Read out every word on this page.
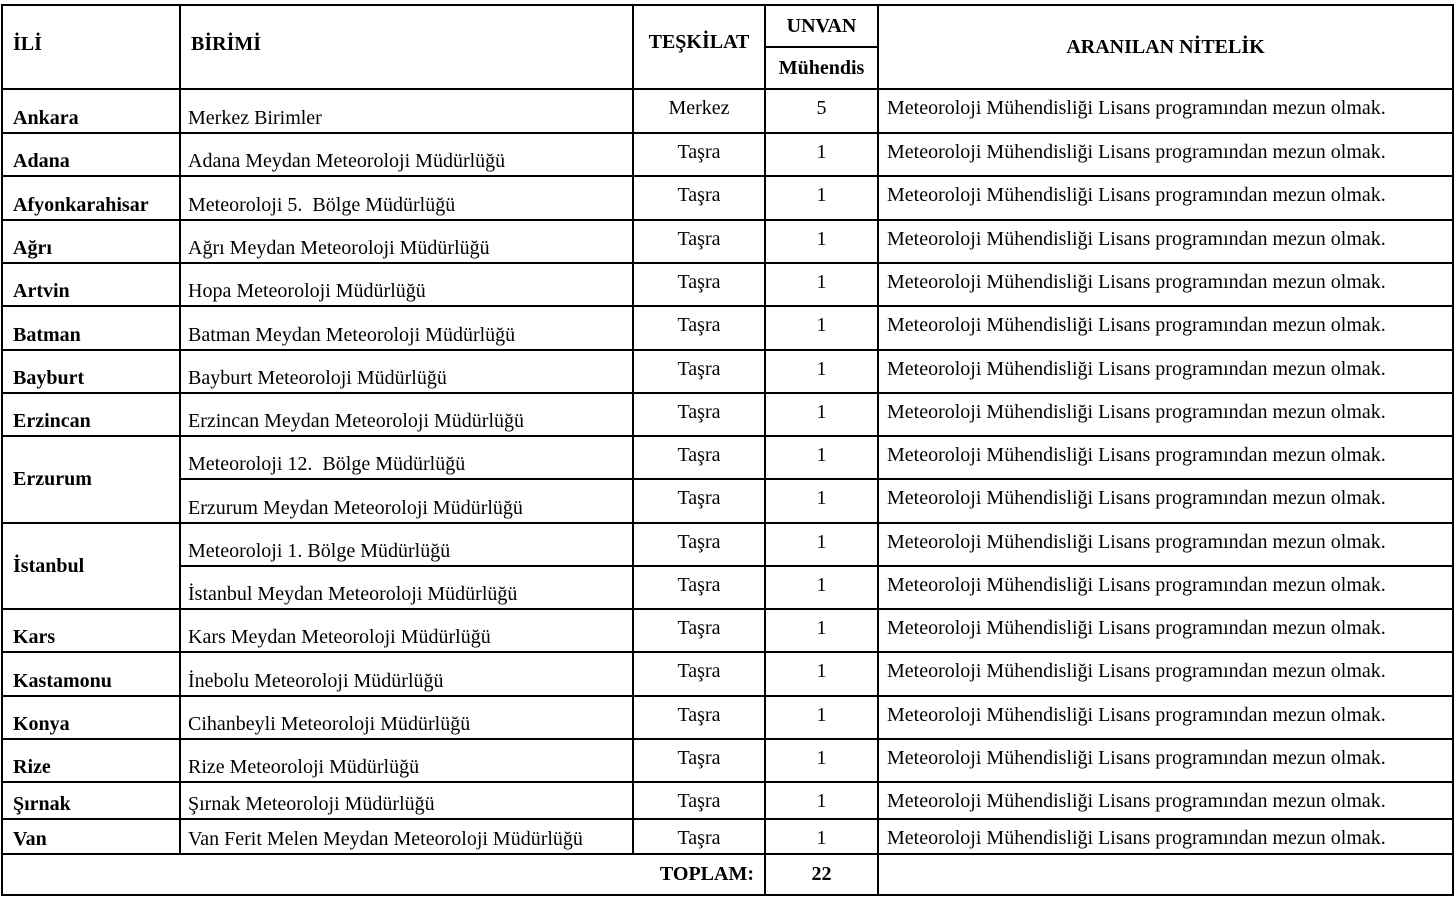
İLİ	BİRİMİ	TEŞKİLAT	UNVAN	ARANILAN NİTELİK
			Mühendis	
Ankara	Merkez Birimler	Merkez	5	Meteoroloji Mühendisliği Lisans programından mezun olmak.
Adana	Adana Meydan Meteoroloji Müdürlüğü	Taşra	1	Meteoroloji Mühendisliği Lisans programından mezun olmak.
Afyonkarahisar	Meteoroloji 5.  Bölge Müdürlüğü	Taşra	1	Meteoroloji Mühendisliği Lisans programından mezun olmak.
Ağrı	Ağrı Meydan Meteoroloji Müdürlüğü	Taşra	1	Meteoroloji Mühendisliği Lisans programından mezun olmak.
Artvin	Hopa Meteoroloji Müdürlüğü	Taşra	1	Meteoroloji Mühendisliği Lisans programından mezun olmak.
Batman	Batman Meydan Meteoroloji Müdürlüğü	Taşra	1	Meteoroloji Mühendisliği Lisans programından mezun olmak.
Bayburt	Bayburt Meteoroloji Müdürlüğü	Taşra	1	Meteoroloji Mühendisliği Lisans programından mezun olmak.
Erzincan	Erzincan Meydan Meteoroloji Müdürlüğü	Taşra	1	Meteoroloji Mühendisliği Lisans programından mezun olmak.
Erzurum	Meteoroloji 12.  Bölge Müdürlüğü	Taşra	1	Meteoroloji Mühendisliği Lisans programından mezun olmak.
	Erzurum Meydan Meteoroloji Müdürlüğü	Taşra	1	Meteoroloji Mühendisliği Lisans programından mezun olmak.
İstanbul	Meteoroloji 1. Bölge Müdürlüğü	Taşra	1	Meteoroloji Mühendisliği Lisans programından mezun olmak.
	İstanbul Meydan Meteoroloji Müdürlüğü	Taşra	1	Meteoroloji Mühendisliği Lisans programından mezun olmak.
Kars	Kars Meydan Meteoroloji Müdürlüğü	Taşra	1	Meteoroloji Mühendisliği Lisans programından mezun olmak.
Kastamonu	İnebolu Meteoroloji Müdürlüğü	Taşra	1	Meteoroloji Mühendisliği Lisans programından mezun olmak.
Konya	Cihanbeyli Meteoroloji Müdürlüğü	Taşra	1	Meteoroloji Mühendisliği Lisans programından mezun olmak.
Rize	Rize Meteoroloji Müdürlüğü	Taşra	1	Meteoroloji Mühendisliği Lisans programından mezun olmak.
Şırnak	Şırnak Meteoroloji Müdürlüğü	Taşra	1	Meteoroloji Mühendisliği Lisans programından mezun olmak.
Van	Van Ferit Melen Meydan Meteoroloji Müdürlüğü	Taşra	1	Meteoroloji Mühendisliği Lisans programından mezun olmak.
TOPLAM:			22	
